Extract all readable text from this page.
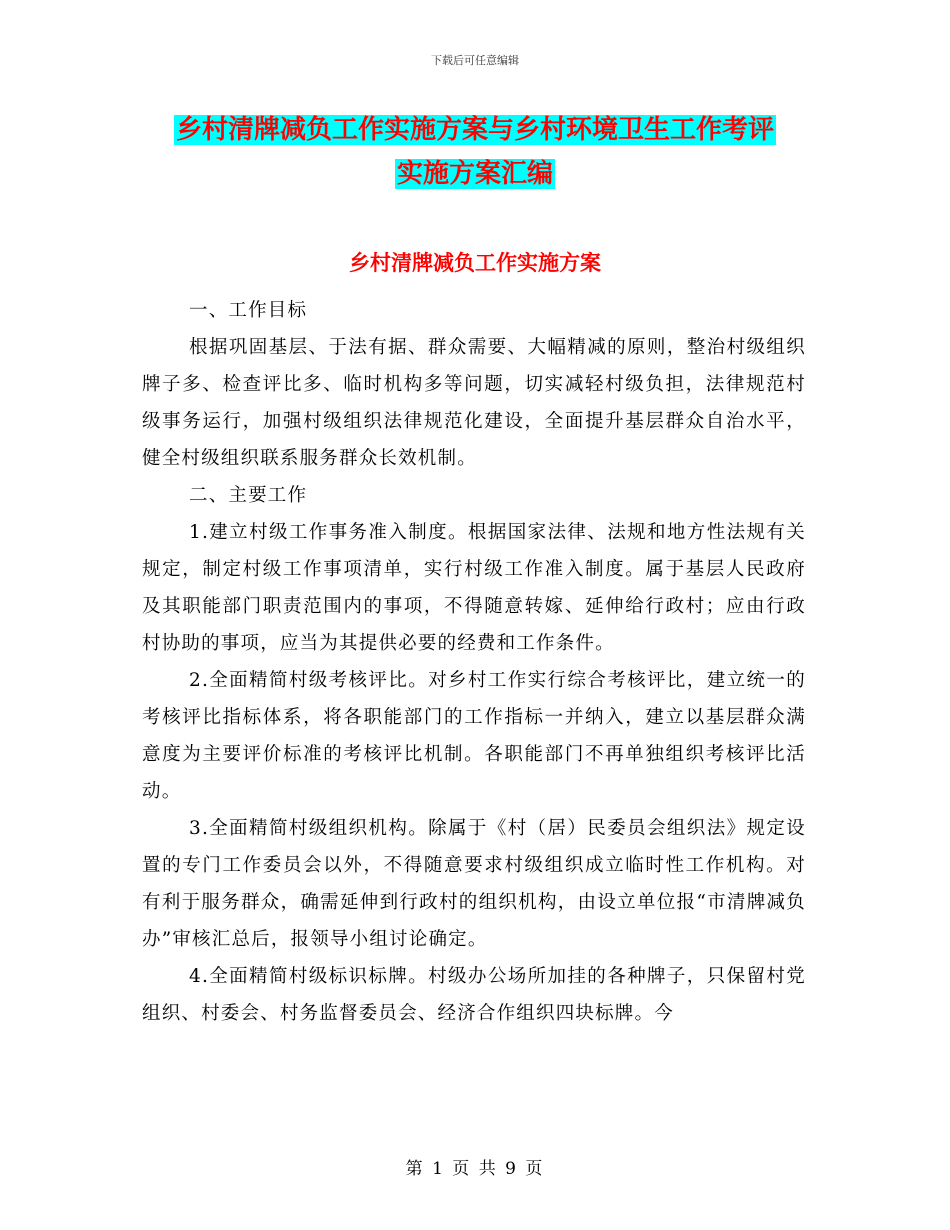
下载后可任意编辑
乡村清牌减负工作实施方案与乡村环境卫生工作考评
实施方案汇编
乡村清牌减负工作实施方案

一、工作目标

根据巩固基层、于法有据、群众需要、大幅精减的原则，整治村级组织牌子多、检查评比多、临时机构多等问题，切实减轻村级负担，法律规范村级事务运行，加强村级组织法律规范化建设，全面提升基层群众自治水平，健全村级组织联系服务群众长效机制。

二、主要工作

1.建立村级工作事务准入制度。根据国家法律、法规和地方性法规有关规定，制定村级工作事项清单，实行村级工作准入制度。属于基层人民政府及其职能部门职责范围内的事项，不得随意转嫁、延伸给行政村；应由行政村协助的事项，应当为其提供必要的经费和工作条件。

2.全面精简村级考核评比。对乡村工作实行综合考核评比，建立统一的考核评比指标体系，将各职能部门的工作指标一并纳入，建立以基层群众满意度为主要评价标准的考核评比机制。各职能部门不再单独组织考核评比活动。

3.全面精简村级组织机构。除属于《村（居）民委员会组织法》规定设置的专门工作委员会以外，不得随意要求村级组织成立临时性工作机构。对有利于服务群众，确需延伸到行政村的组织机构，由设立单位报“市清牌减负办”审核汇总后，报领导小组讨论确定。

4.全面精简村级标识标牌。村级办公场所加挂的各种牌子，只保留村党组织、村委会、村务监督委员会、经济合作组织四块标牌。今

第 1 页 共 9 页
